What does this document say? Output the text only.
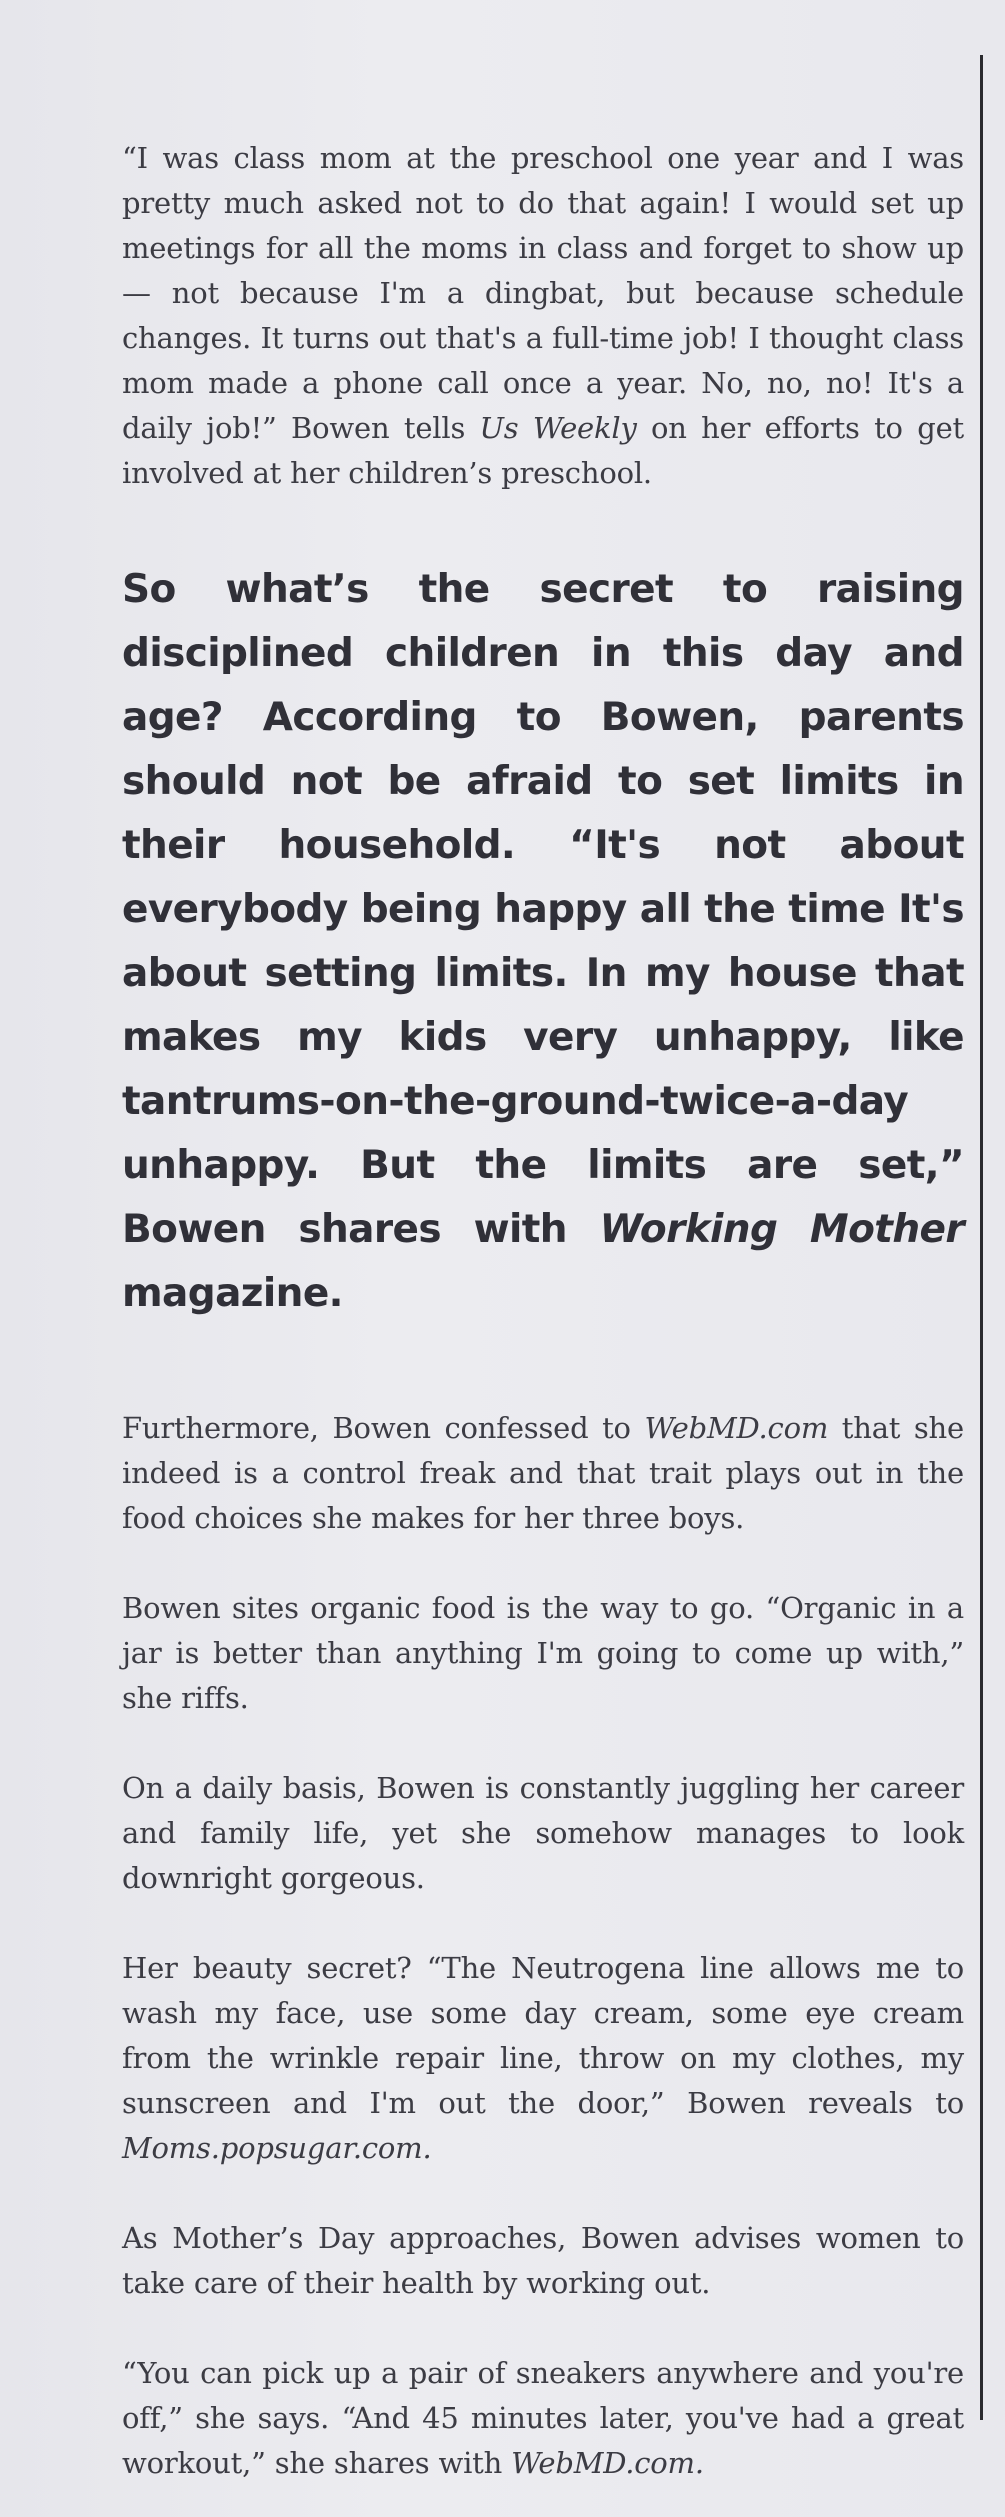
“I was class mom at the preschool one year and I was pretty much asked not to do that again! I would set up meetings for all the moms in class and forget to show up — not because I'm a dingbat, but because schedule changes. It turns out that's a full-time job! I thought class mom made a phone call once a year. No, no, no! It's a daily job!” Bowen tells Us Weekly on her efforts to get involved at her children’s preschool.

So what’s the secret to raising disciplined children in this day and age? According to Bowen, parents should not be afraid to set limits in their household. “It's not about everybody being happy all the time It's about setting limits. In my house that makes my kids very unhappy, like tantrums-on-the-ground-twice-a-day unhappy. But the limits are set,” Bowen shares with Working Mother magazine.

Furthermore, Bowen confessed to WebMD.com that she indeed is a control freak and that trait plays out in the food choices she makes for her three boys.

Bowen sites organic food is the way to go. “Organic in a jar is better than anything I'm going to come up with,” she riffs.

On a daily basis, Bowen is constantly juggling her career and family life, yet she somehow manages to look downright gorgeous.

Her beauty secret? “The Neutrogena line allows me to wash my face, use some day cream, some eye cream from the wrinkle repair line, throw on my clothes, my sunscreen and I'm out the door,” Bowen reveals to Moms.popsugar.com.

As Mother’s Day approaches, Bowen advises women to take care of their health by working out.

“You can pick up a pair of sneakers anywhere and you're off,” she says. “And 45 minutes later, you've had a great workout,” she shares with WebMD.com.
